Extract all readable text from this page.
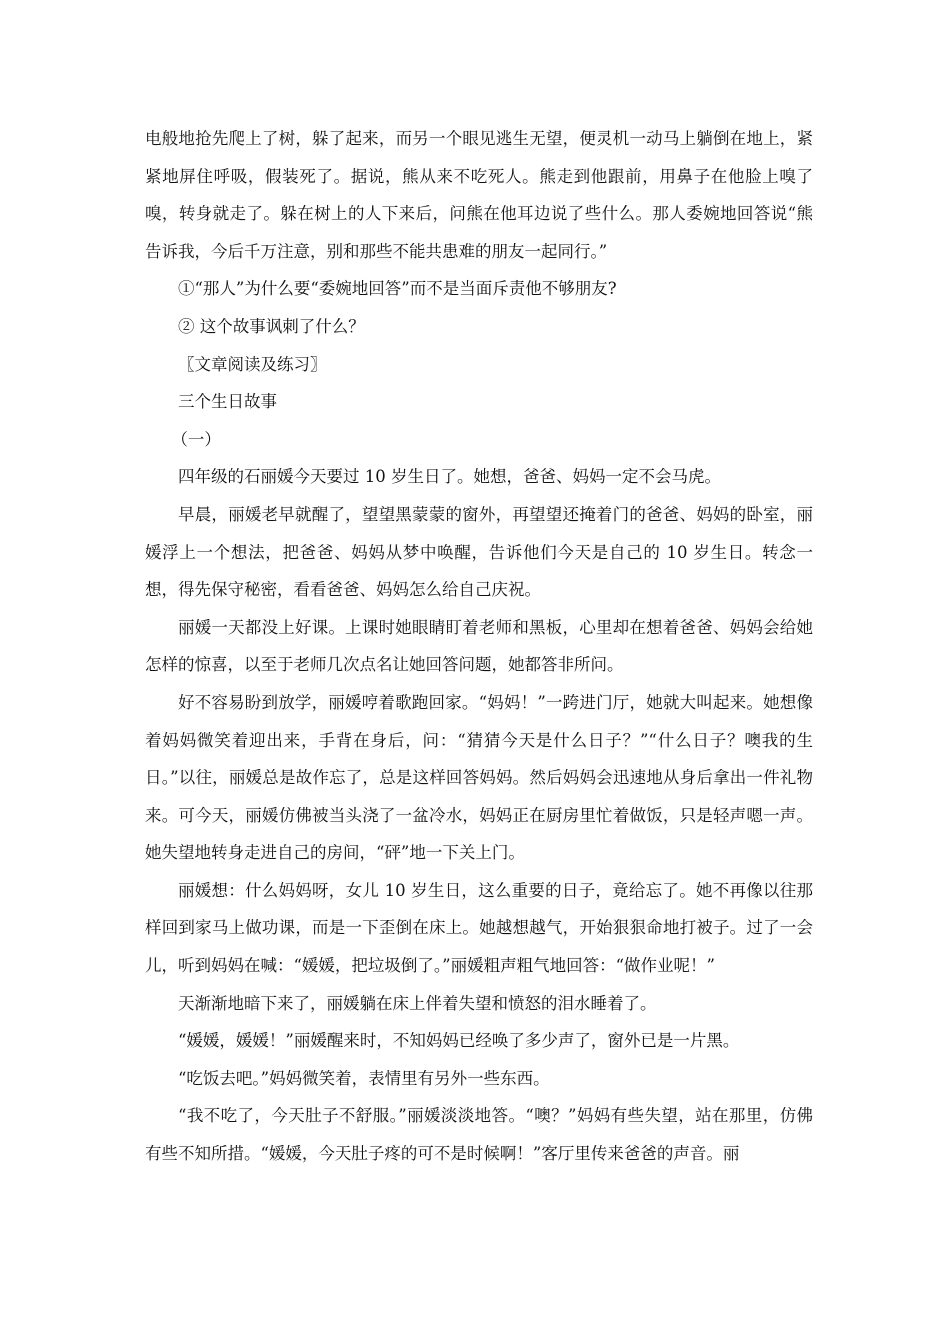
电般地抢先爬上了树，躲了起来，而另一个眼见逃生无望，便灵机一动马上躺倒在地上，紧紧地屏住呼吸，假装死了。据说，熊从来不吃死人。熊走到他跟前，用鼻子在他脸上嗅了嗅，转身就走了。躲在树上的人下来后，问熊在他耳边说了些什么。那人委婉地回答说“熊告诉我，今后千万注意，别和那些不能共患难的朋友一起同行。”

①“那人”为什么要“委婉地回答”而不是当面斥责他不够朋友?

② 这个故事讽刺了什么？

〖文章阅读及练习〗

三个生日故事

（一）

四年级的石丽媛今天要过 10 岁生日了。她想，爸爸、妈妈一定不会马虎。

早晨，丽媛老早就醒了，望望黑蒙蒙的窗外，再望望还掩着门的爸爸、妈妈的卧室，丽媛浮上一个想法，把爸爸、妈妈从梦中唤醒，告诉他们今天是自己的 10 岁生日。转念一想，得先保守秘密，看看爸爸、妈妈怎么给自己庆祝。

丽媛一天都没上好课。上课时她眼睛盯着老师和黑板，心里却在想着爸爸、妈妈会给她怎样的惊喜，以至于老师几次点名让她回答问题，她都答非所问。

好不容易盼到放学，丽媛哼着歌跑回家。“妈妈！”一跨进门厅，她就大叫起来。她想像着妈妈微笑着迎出来，手背在身后，问：“猜猜今天是什么日子？”“什么日子？噢我的生日。”以往，丽媛总是故作忘了，总是这样回答妈妈。然后妈妈会迅速地从身后拿出一件礼物来。可今天，丽媛仿佛被当头浇了一盆冷水，妈妈正在厨房里忙着做饭，只是轻声嗯一声。她失望地转身走进自己的房间，“砰”地一下关上门。

丽媛想：什么妈妈呀，女儿 10 岁生日，这么重要的日子，竟给忘了。她不再像以往那样回到家马上做功课，而是一下歪倒在床上。她越想越气，开始狠狠命地打被子。过了一会儿，听到妈妈在喊：“媛媛，把垃圾倒了。”丽媛粗声粗气地回答：“做作业呢！”

天渐渐地暗下来了，丽媛躺在床上伴着失望和愤怒的泪水睡着了。

“媛媛，媛媛！”丽媛醒来时，不知妈妈已经唤了多少声了，窗外已是一片黑。

“吃饭去吧。”妈妈微笑着，表情里有另外一些东西。

“我不吃了，今天肚子不舒服。”丽媛淡淡地答。“噢？”妈妈有些失望，站在那里，仿佛有些不知所措。“媛媛，今天肚子疼的可不是时候啊！”客厅里传来爸爸的声音。丽
